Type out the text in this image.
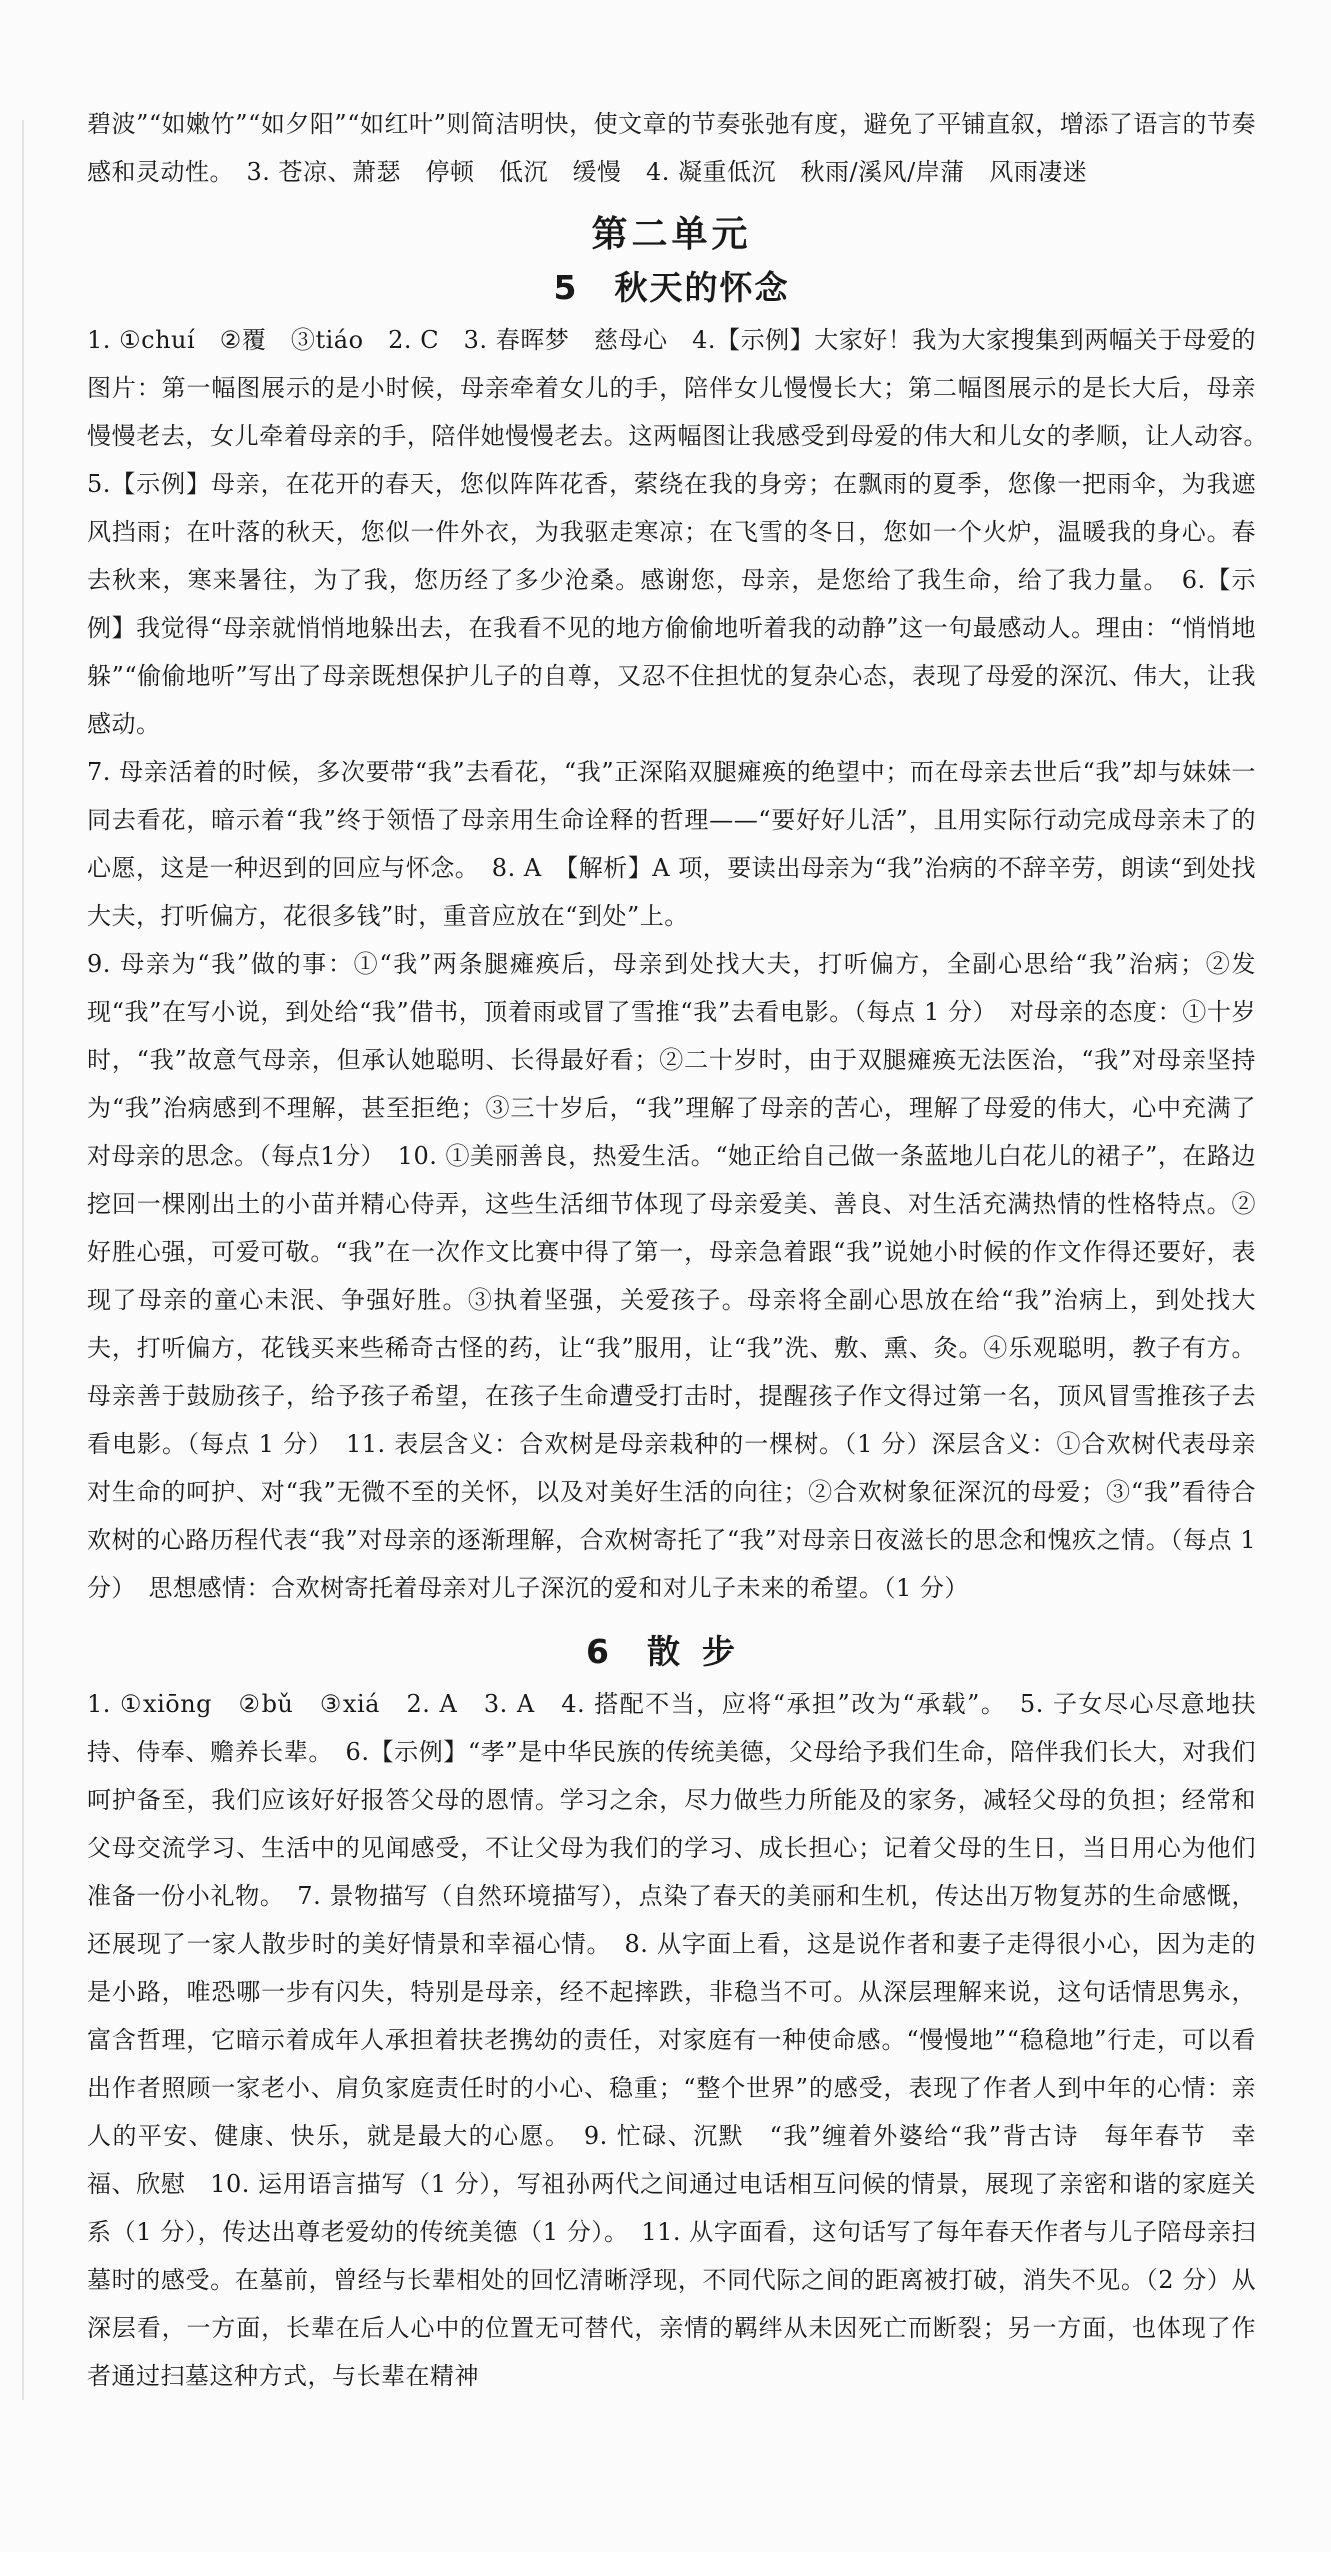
碧波”“如嫩竹”“如夕阳”“如红叶”则简洁明快，使文章的节奏张弛有度，避免了平铺直叙，增添了语言的节奏感和灵动性。　3. 苍凉、萧瑟　停顿　低沉　缓慢　4. 凝重低沉　秋雨/溪风/岸蒲　风雨凄迷

第二单元
5 秋天的怀念

1. ①chuí　②覆　③tiáo　2. C　3. 春晖梦　慈母心　4.【示例】大家好！我为大家搜集到两幅关于母爱的图片：第一幅图展示的是小时候，母亲牵着女儿的手，陪伴女儿慢慢长大；第二幅图展示的是长大后，母亲慢慢老去，女儿牵着母亲的手，陪伴她慢慢老去。这两幅图让我感受到母爱的伟大和儿女的孝顺，让人动容。　5.【示例】母亲，在花开的春天，您似阵阵花香，萦绕在我的身旁；在飘雨的夏季，您像一把雨伞，为我遮风挡雨；在叶落的秋天，您似一件外衣，为我驱走寒凉；在飞雪的冬日，您如一个火炉，温暖我的身心。春去秋来，寒来暑往，为了我，您历经了多少沧桑。感谢您，母亲，是您给了我生命，给了我力量。　6.【示例】我觉得“母亲就悄悄地躲出去，在我看不见的地方偷偷地听着我的动静”这一句最感动人。理由：“悄悄地躲”“偷偷地听”写出了母亲既想保护儿子的自尊，又忍不住担忧的复杂心态，表现了母爱的深沉、伟大，让我感动。

7. 母亲活着的时候，多次要带“我”去看花，“我”正深陷双腿瘫痪的绝望中；而在母亲去世后“我”却与妹妹一同去看花，暗示着“我”终于领悟了母亲用生命诠释的哲理——“要好好儿活”，且用实际行动完成母亲未了的心愿，这是一种迟到的回应与怀念。　8. A　【解析】A 项，要读出母亲为“我”治病的不辞辛劳，朗读“到处找大夫，打听偏方，花很多钱”时，重音应放在“到处”上。

9. 母亲为“我”做的事：①“我”两条腿瘫痪后，母亲到处找大夫，打听偏方，全副心思给“我”治病；②发现“我”在写小说，到处给“我”借书，顶着雨或冒了雪推“我”去看电影。（每点 1 分）　对母亲的态度：①十岁时，“我”故意气母亲，但承认她聪明、长得最好看；②二十岁时，由于双腿瘫痪无法医治，“我”对母亲坚持为“我”治病感到不理解，甚至拒绝；③三十岁后，“我”理解了母亲的苦心，理解了母爱的伟大，心中充满了对母亲的思念。（每点1分）　10. ①美丽善良，热爱生活。“她正给自己做一条蓝地儿白花儿的裙子”，在路边挖回一棵刚出土的小苗并精心侍弄，这些生活细节体现了母亲爱美、善良、对生活充满热情的性格特点。②好胜心强，可爱可敬。“我”在一次作文比赛中得了第一，母亲急着跟“我”说她小时候的作文作得还要好，表现了母亲的童心未泯、争强好胜。③执着坚强，关爱孩子。母亲将全副心思放在给“我”治病上，到处找大夫，打听偏方，花钱买来些稀奇古怪的药，让“我”服用，让“我”洗、敷、熏、灸。④乐观聪明，教子有方。母亲善于鼓励孩子，给予孩子希望，在孩子生命遭受打击时，提醒孩子作文得过第一名，顶风冒雪推孩子去看电影。（每点 1 分）　11. 表层含义：合欢树是母亲栽种的一棵树。（1 分）深层含义：①合欢树代表母亲对生命的呵护、对“我”无微不至的关怀，以及对美好生活的向往；②合欢树象征深沉的母爱；③“我”看待合欢树的心路历程代表“我”对母亲的逐渐理解，合欢树寄托了“我”对母亲日夜滋长的思念和愧疚之情。（每点 1 分）　思想感情：合欢树寄托着母亲对儿子深沉的爱和对儿子未来的希望。（1 分）

6 散步

1. ①xiōng　②bǔ　③xiá　2. A　3. A　4. 搭配不当，应将“承担”改为“承载”。　5. 子女尽心尽意地扶持、侍奉、赡养长辈。　6.【示例】“孝”是中华民族的传统美德，父母给予我们生命，陪伴我们长大，对我们呵护备至，我们应该好好报答父母的恩情。学习之余，尽力做些力所能及的家务，减轻父母的负担；经常和父母交流学习、生活中的见闻感受，不让父母为我们的学习、成长担心；记着父母的生日，当日用心为他们准备一份小礼物。　7. 景物描写（自然环境描写），点染了春天的美丽和生机，传达出万物复苏的生命感慨，还展现了一家人散步时的美好情景和幸福心情。　8. 从字面上看，这是说作者和妻子走得很小心，因为走的是小路，唯恐哪一步有闪失，特别是母亲，经不起摔跌，非稳当不可。从深层理解来说，这句话情思隽永，富含哲理，它暗示着成年人承担着扶老携幼的责任，对家庭有一种使命感。“慢慢地”“稳稳地”行走，可以看出作者照顾一家老小、肩负家庭责任时的小心、稳重；“整个世界”的感受，表现了作者人到中年的心情：亲人的平安、健康、快乐，就是最大的心愿。　9. 忙碌、沉默　“我”缠着外婆给“我”背古诗　每年春节　幸福、欣慰　10. 运用语言描写（1 分），写祖孙两代之间通过电话相互问候的情景，展现了亲密和谐的家庭关系（1 分），传达出尊老爱幼的传统美德（1 分）。　11. 从字面看，这句话写了每年春天作者与儿子陪母亲扫墓时的感受。在墓前，曾经与长辈相处的回忆清晰浮现，不同代际之间的距离被打破，消失不见。（2 分）从深层看，一方面，长辈在后人心中的位置无可替代，亲情的羁绊从未因死亡而断裂；另一方面，也体现了作者通过扫墓这种方式，与长辈在精神
